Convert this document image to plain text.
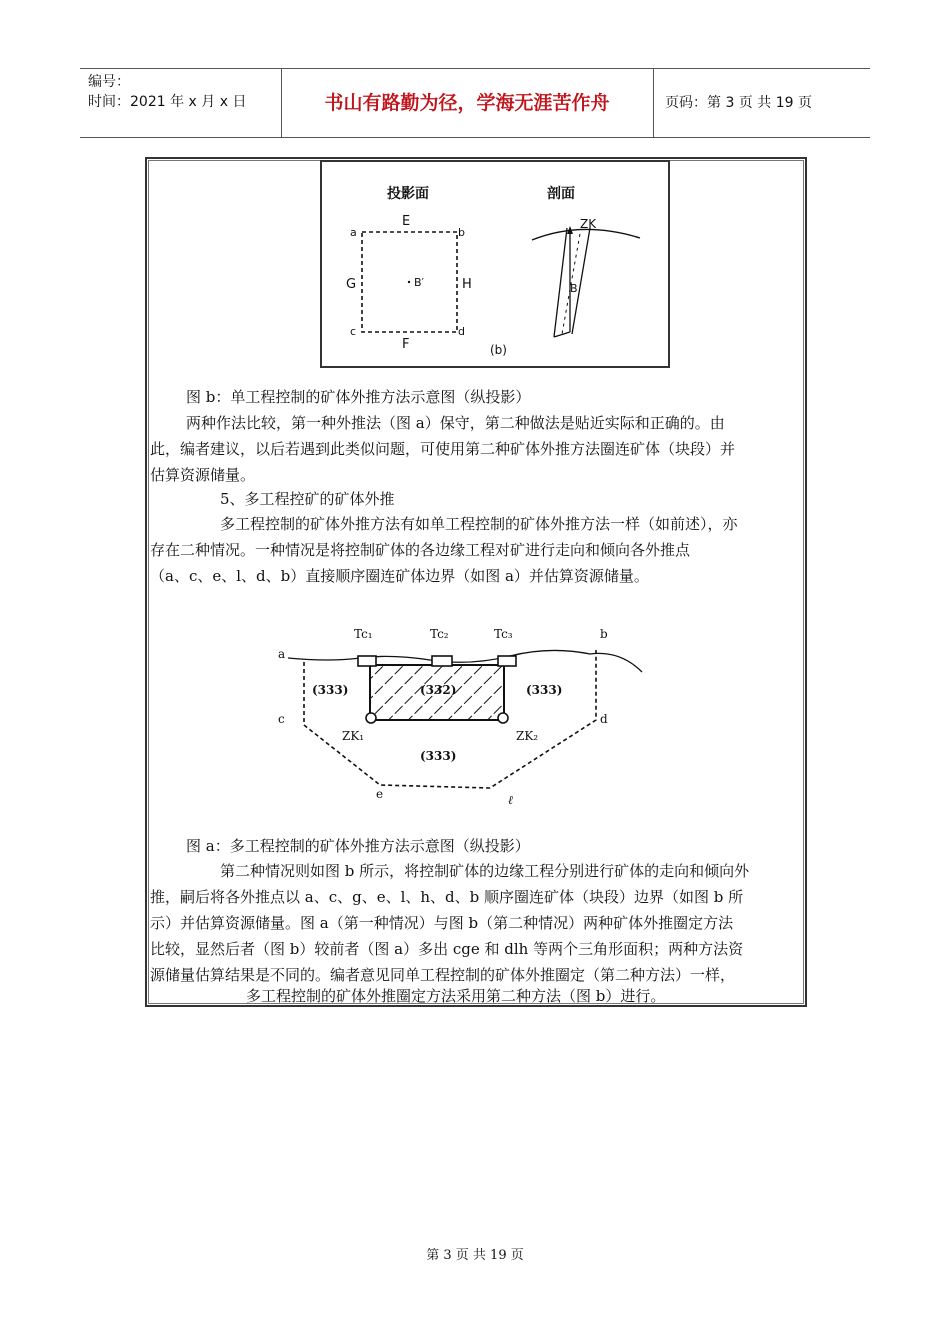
编号：
时间：2021 年 x 月 x 日	书山有路勤为径，学海无涯苦作舟	页码：第 3 页 共 19 页
投影面	剖面
E
F
G	H
a	b
c	d
B′
ZK
B
(b)
图 b：单工程控制的矿体外推方法示意图（纵投影）
两种作法比较，第一种外推法（图 a）保守，第二种做法是贴近实际和正确的。由
此，编者建议，以后若遇到此类似问题，可使用第二种矿体外推方法圈连矿体（块段）并
估算资源储量。
5、多工程控矿的矿体外推
多工程控制的矿体外推方法有如单工程控制的矿体外推方法一样（如前述），亦
存在二种情况。一种情况是将控制矿体的各边缘工程对矿进行走向和倾向各外推点
（a、c、e、l、d、b）直接顺序圈连矿体边界（如图 a）并估算资源储量。
a
b
c	d
e	ℓ
Tc₁	Tc₂	Tc₃
(333)	(332)	(333)
ZK₁	ZK₂
(333)
图 a：多工程控制的矿体外推方法示意图（纵投影）
第二种情况则如图 b 所示，将控制矿体的边缘工程分别进行矿体的走向和倾向外
推，嗣后将各外推点以 a、c、g、e、l、h、d、b 顺序圈连矿体（块段）边界（如图 b 所
示）并估算资源储量。图 a（第一种情况）与图 b（第二种情况）两种矿体外推圈定方法
比较，显然后者（图 b）较前者（图 a）多出 cge 和 dlh 等两个三角形面积；两种方法资
源储量估算结果是不同的。编者意见同单工程控制的矿体外推圈定（第二种方法）一样，
多工程控制的矿体外推圈定方法采用第二种方法（图 b）进行。
第 3 页 共 19 页
